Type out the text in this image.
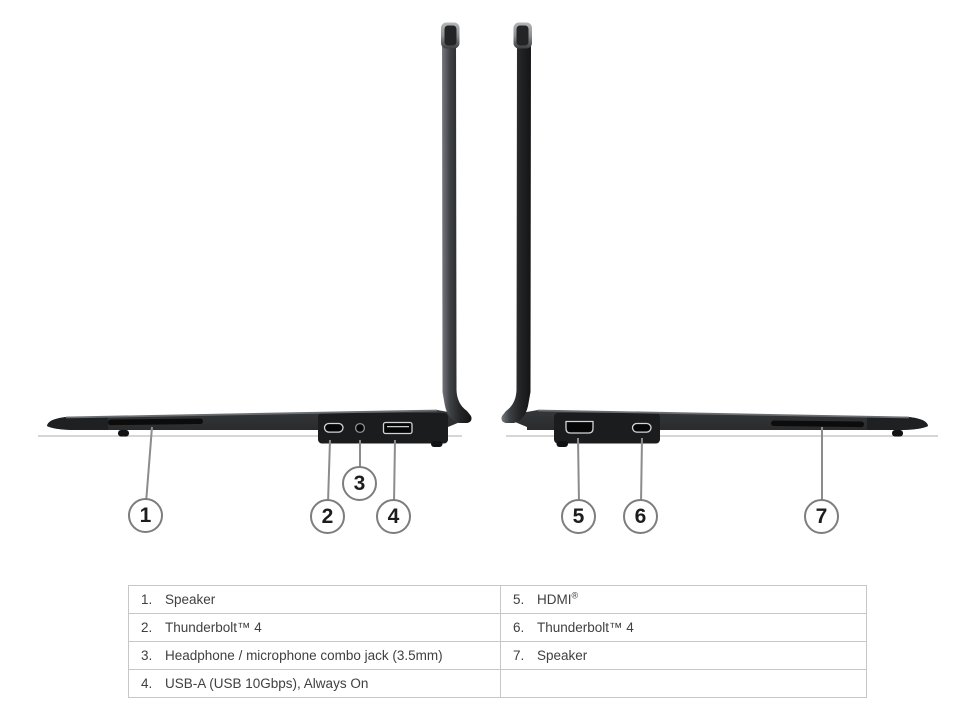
1	2
3
4	5 6	7
1. Speaker	5. HDMI®
2. Thunderbolt™ 4	6. Thunderbolt™ 4
3. Headphone / microphone combo jack (3.5mm)	7. Speaker
4. USB-A (USB 10Gbps), Always On	
